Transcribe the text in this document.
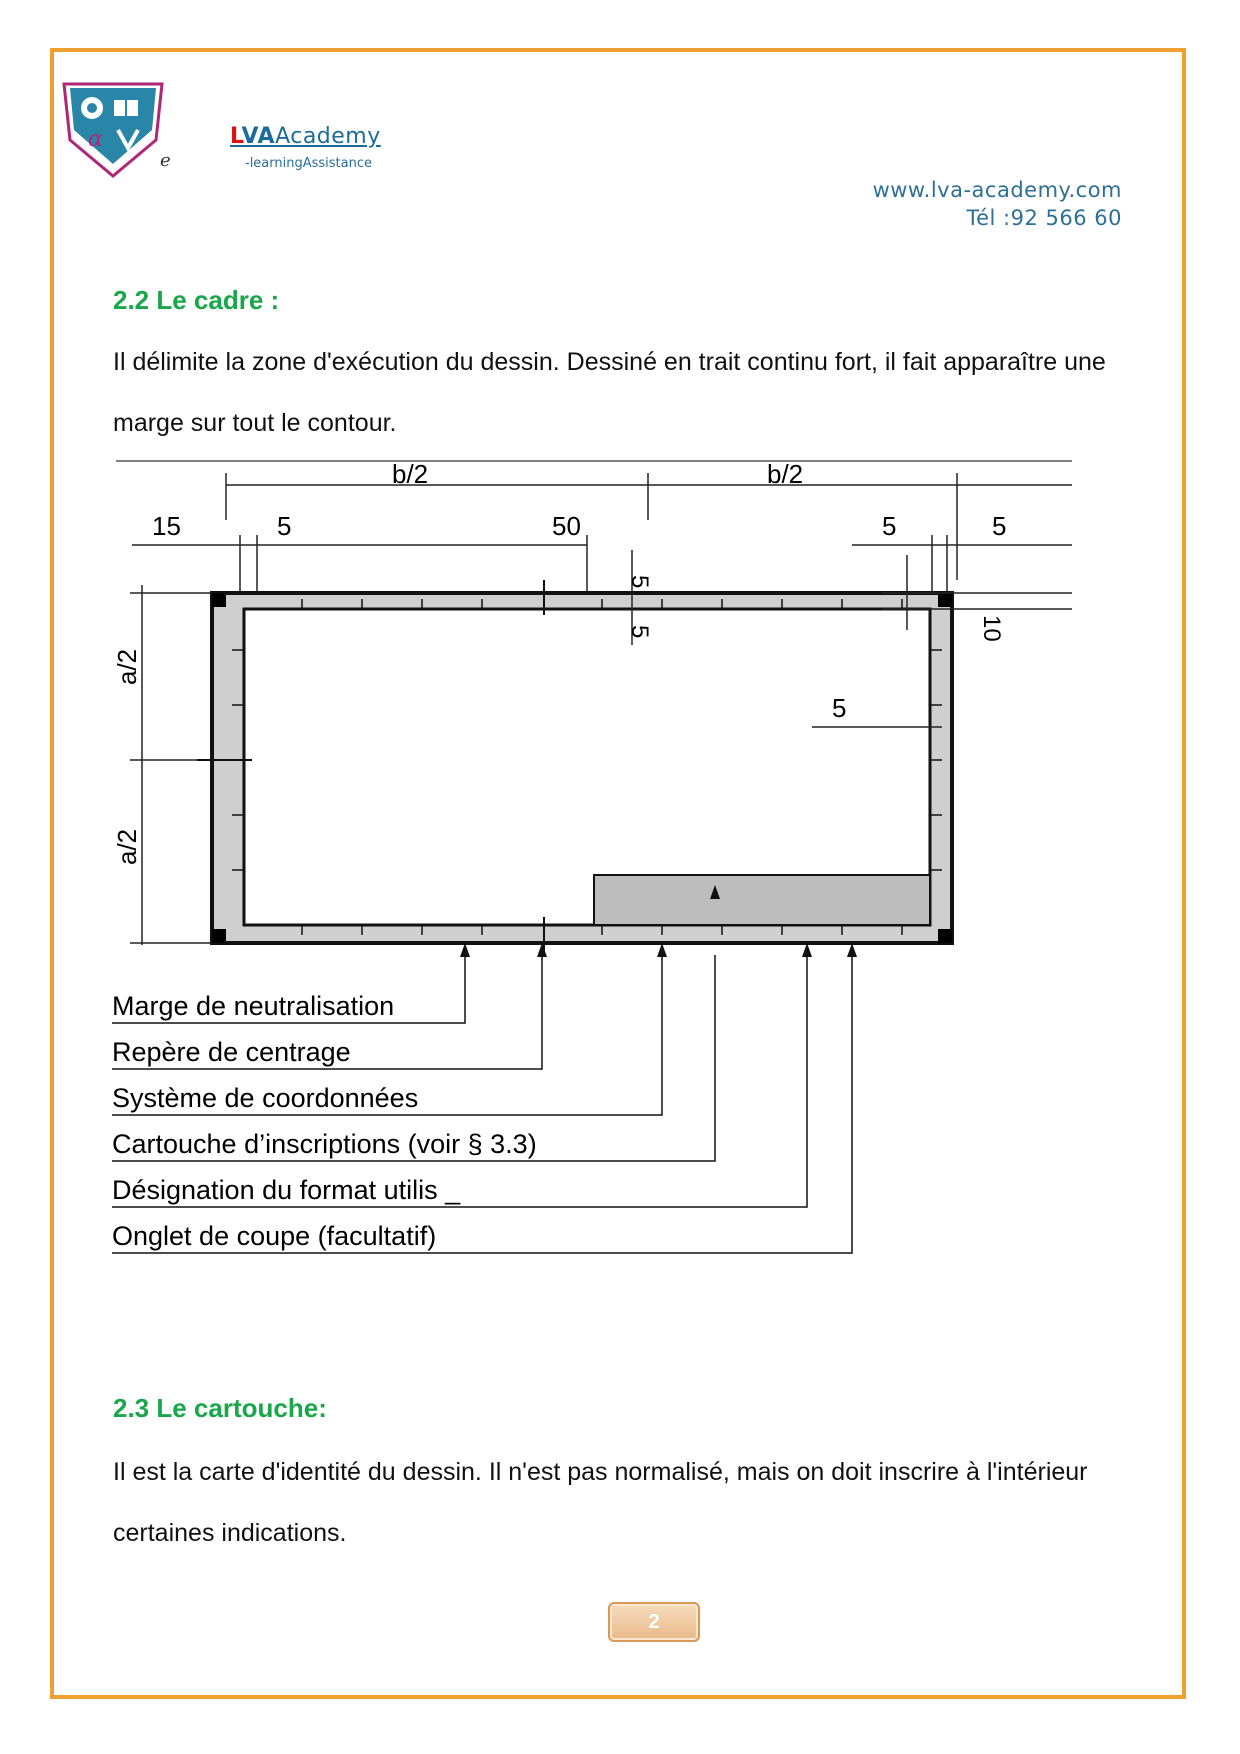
α
e
LVAAcademy
-learningAssistance
www.lva-academy.com
Tél :92 566 60
2.2 Le cadre :
Il délimite la zone d'exécution du dessin. Dessiné en trait continu fort, il fait apparaître une marge sur tout le contour.
b/2	b/2
15	5	50	5	5
a/2
a/2
5
5	10
5
Marge de neutralisation
Repère de centrage
Système de coordonnées
Cartouche d’inscriptions (voir § 3.3)
Désignation du format utilis _
Onglet de coupe (facultatif)
2.3 Le cartouche:
Il est la carte d'identité du dessin. Il n'est pas normalisé, mais on doit inscrire à l'intérieur certaines indications.
2
